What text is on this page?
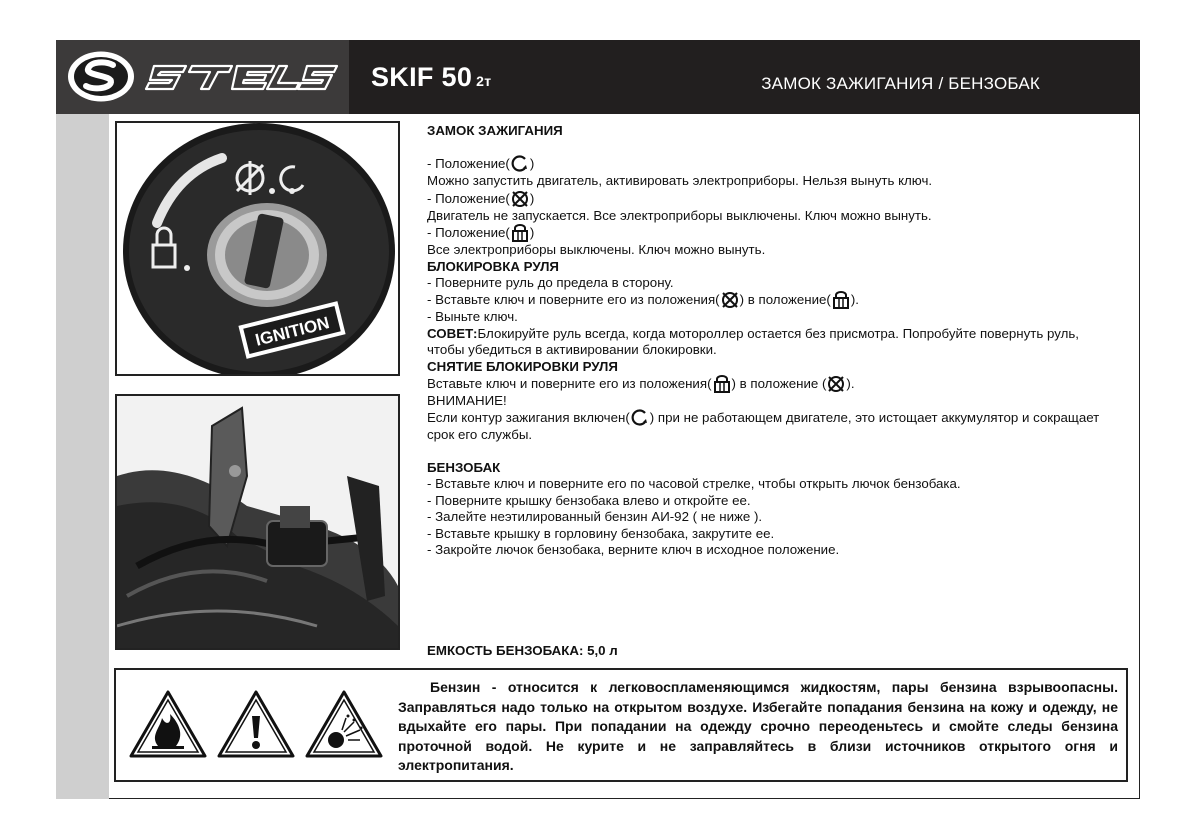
SKIF 50 2т	ЗАМОК ЗАЖИГАНИЯ / БЕНЗОБАК
IGNITION
ЗАМОК ЗАЖИГАНИЯ
- Положение( )
Можно запустить двигатель, активировать электроприборы. Нельзя вынуть ключ.
- Положение( )
Двигатель не запускается. Все электроприборы выключены. Ключ можно вынуть.
- Положение( )
Все электроприборы выключены. Ключ можно вынуть.
БЛОКИРОВКА РУЛЯ
- Поверните руль до предела в сторону.
- Вставьте ключ и поверните его из положения( ) в положение( ).
- Выньте ключ.
СОВЕТ:Блокируйте руль всегда, когда мотороллер остается без присмотра. Попробуйте повернуть руль, чтобы убедиться в активировании блокировки.
СНЯТИЕ БЛОКИРОВКИ РУЛЯ
Вставьте ключ и поверните его из положения( ) в положение ( ).
ВНИМАНИЕ!
Если контур зажигания включен( ) при не работающем двигателе, это истощает аккумулятор и сокращает срок его службы.
БЕНЗОБАК
- Вставьте ключ и поверните его по часовой стрелке, чтобы открыть лючок бензобака.
- Поверните крышку бензобака влево и откройте ее.
- Залейте неэтилированный бензин АИ-92 ( не ниже ).
- Вставьте крышку в горловину бензобака, закрутите ее.
- Закройте лючок бензобака, верните ключ в исходное положение.
ЕМКОСТЬ БЕНЗОБАКА: 5,0 л
Бензин - относится к легковоспламеняющимся жидкостям, пары бензина взрывоопасны. Заправляться надо только на открытом воздухе. Избегайте попадания бензина на кожу и одежду, не вдыхайте его пары. При попадании на одежду срочно переоденьтесь и смойте следы бензина проточной водой. Не курите и не заправляйтесь в близи источников открытого огня и электропитания.
